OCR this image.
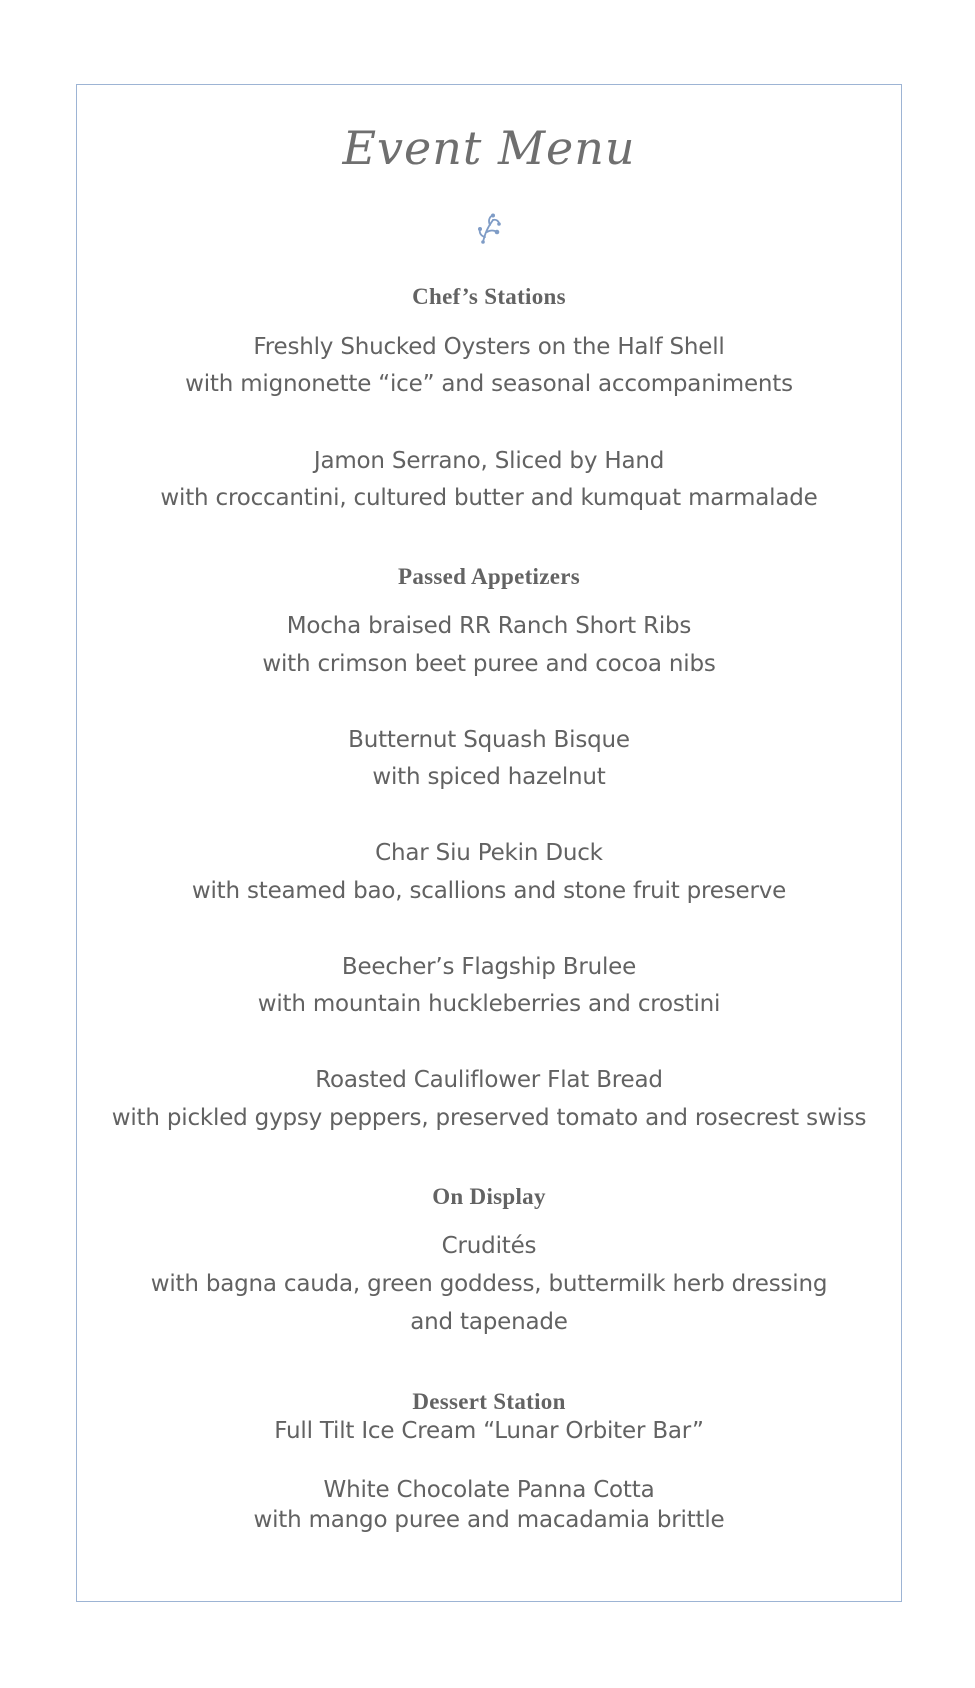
Event Menu
Chef’s Stations
Freshly Shucked Oysters on the Half Shell
with mignonette “ice” and seasonal accompaniments
Jamon Serrano, Sliced by Hand
with croccantini, cultured butter and kumquat marmalade
Passed Appetizers
Mocha braised RR Ranch Short Ribs
with crimson beet puree and cocoa nibs
Butternut Squash Bisque
with spiced hazelnut
Char Siu Pekin Duck
with steamed bao, scallions and stone fruit preserve
Beecher’s Flagship Brulee
with mountain huckleberries and crostini
Roasted Cauliflower Flat Bread
with pickled gypsy peppers, preserved tomato and rosecrest swiss
On Display
Crudités
with bagna cauda, green goddess, buttermilk herb dressing
and tapenade
Dessert Station
Full Tilt Ice Cream “Lunar Orbiter Bar”
White Chocolate Panna Cotta
with mango puree and macadamia brittle
